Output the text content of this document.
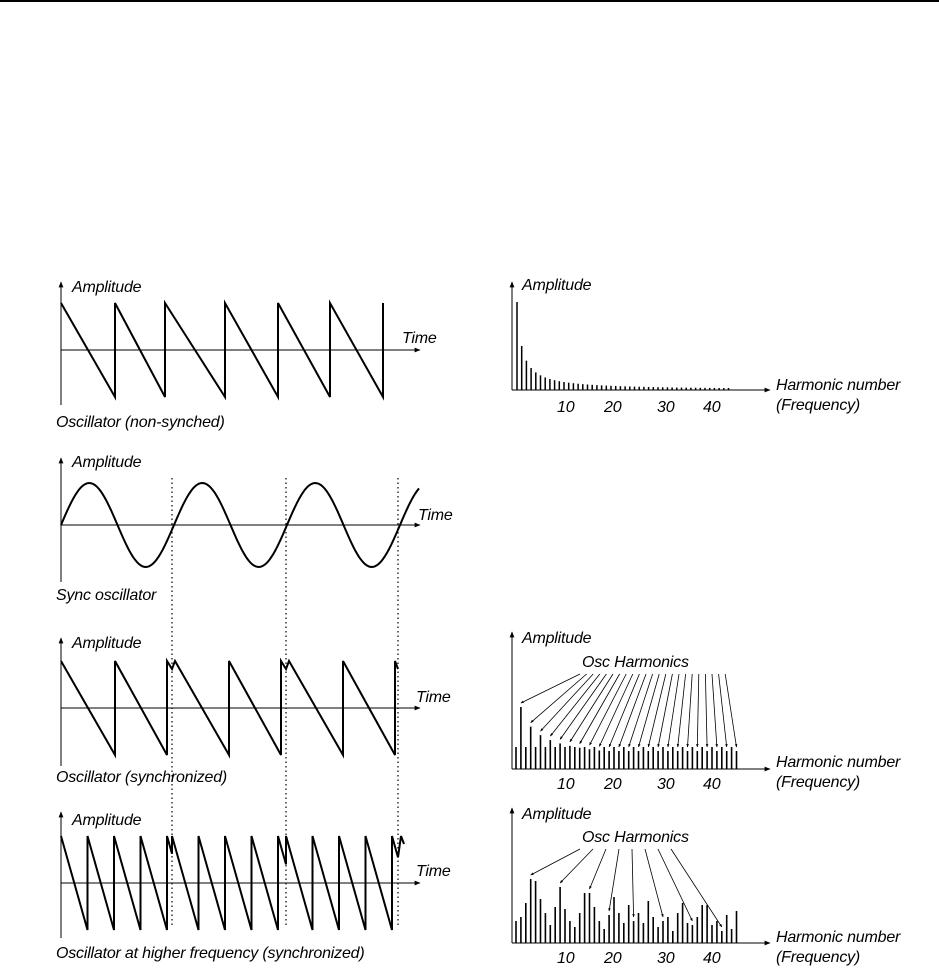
Amplitude
Time
Oscillator (non-synched)
Amplitude
Time
Sync oscillator
Amplitude
Time
Oscillator (synchronized)
Amplitude
Time
Oscillator at higher frequency (synchronized)
Amplitude
Harmonic number
(Frequency)
10 20 30 40
Amplitude
Osc Harmonics
Harmonic number
(Frequency)
10 20 30 40
Amplitude
Osc Harmonics
Harmonic number
(Frequency)
10 20 30 40
